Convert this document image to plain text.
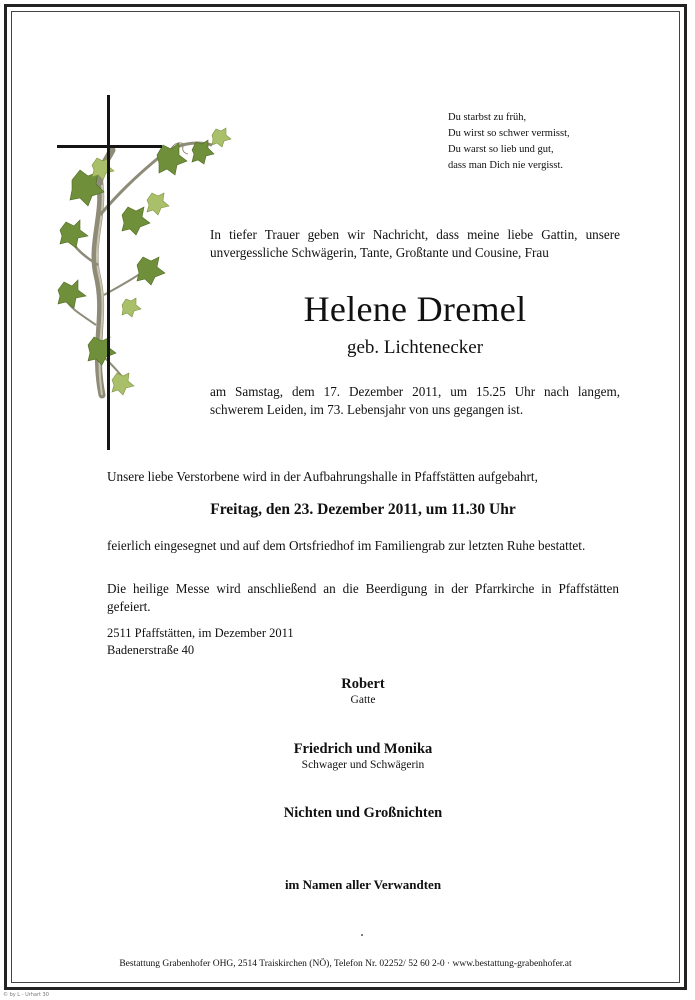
Du starbst zu früh,
Du wirst so schwer vermisst,
Du warst so lieb und gut,
dass man Dich nie vergisst.
In tiefer Trauer geben wir Nachricht, dass meine liebe Gattin, unsere unvergessliche Schwägerin, Tante, Großtante und Cousine, Frau
Helene Dremel
geb. Lichtenecker
am Samstag, dem 17. Dezember 2011, um 15.25 Uhr nach langem, schwerem Leiden, im 73. Lebensjahr von uns gegangen ist.
Unsere liebe Verstorbene wird in der Aufbahrungshalle in Pfaffstätten aufgebahrt,
Freitag, den 23. Dezember 2011, um 11.30 Uhr
feierlich eingesegnet und auf dem Ortsfriedhof im Familiengrab zur letzten Ruhe bestattet.
Die heilige Messe wird anschließend an die Beerdigung in der Pfarrkirche in Pfaffstätten gefeiert.
2511 Pfaffstätten, im Dezember 2011
Badenerstraße 40
Robert
Gatte
Friedrich und Monika
Schwager und Schwägerin
Nichten und Großnichten
im Namen aller Verwandten
Bestattung Grabenhofer OHG, 2514 Traiskirchen (NÖ), Telefon Nr. 02252/ 52 60 2-0 · www.bestattung-grabenhofer.at
© by L - Urhart 30
